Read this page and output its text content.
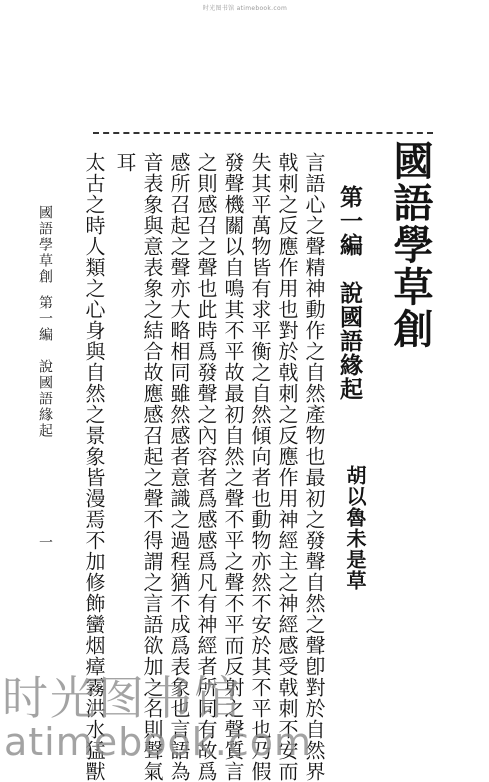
时光图书馆 atimebook.com
國語學草創
第一編　說國語緣起
胡以魯未是草
言語心之聲精神動作之自然產物也最初之發聲自然之聲卽對於自然界
戟刺之反應作用也對於戟刺之反應作用神經主之神經感受戟刺不安而
失其平萬物皆有求平衡之自然傾向者也動物亦然不安於其不平也乃假
發聲機關以自鳴其不平故最初自然之聲不平之聲不平而反射之聲質言
之則感召之聲也此時爲發聲之內容者爲感感爲凡有神經者所同有故爲
感所召起之聲亦大略相同雖然感者意識之過程猶不成爲表象也言語為
音表象與意表象之結合故應感召起之聲不得謂之言語欲加之名則聲氣
耳
太古之時人類之心身與自然之景象皆漫焉不加修飾蠻烟瘴霧洪水猛獸
國語學草創
第一編　說國語緣起
一
时光图书馆
atimebook.com
